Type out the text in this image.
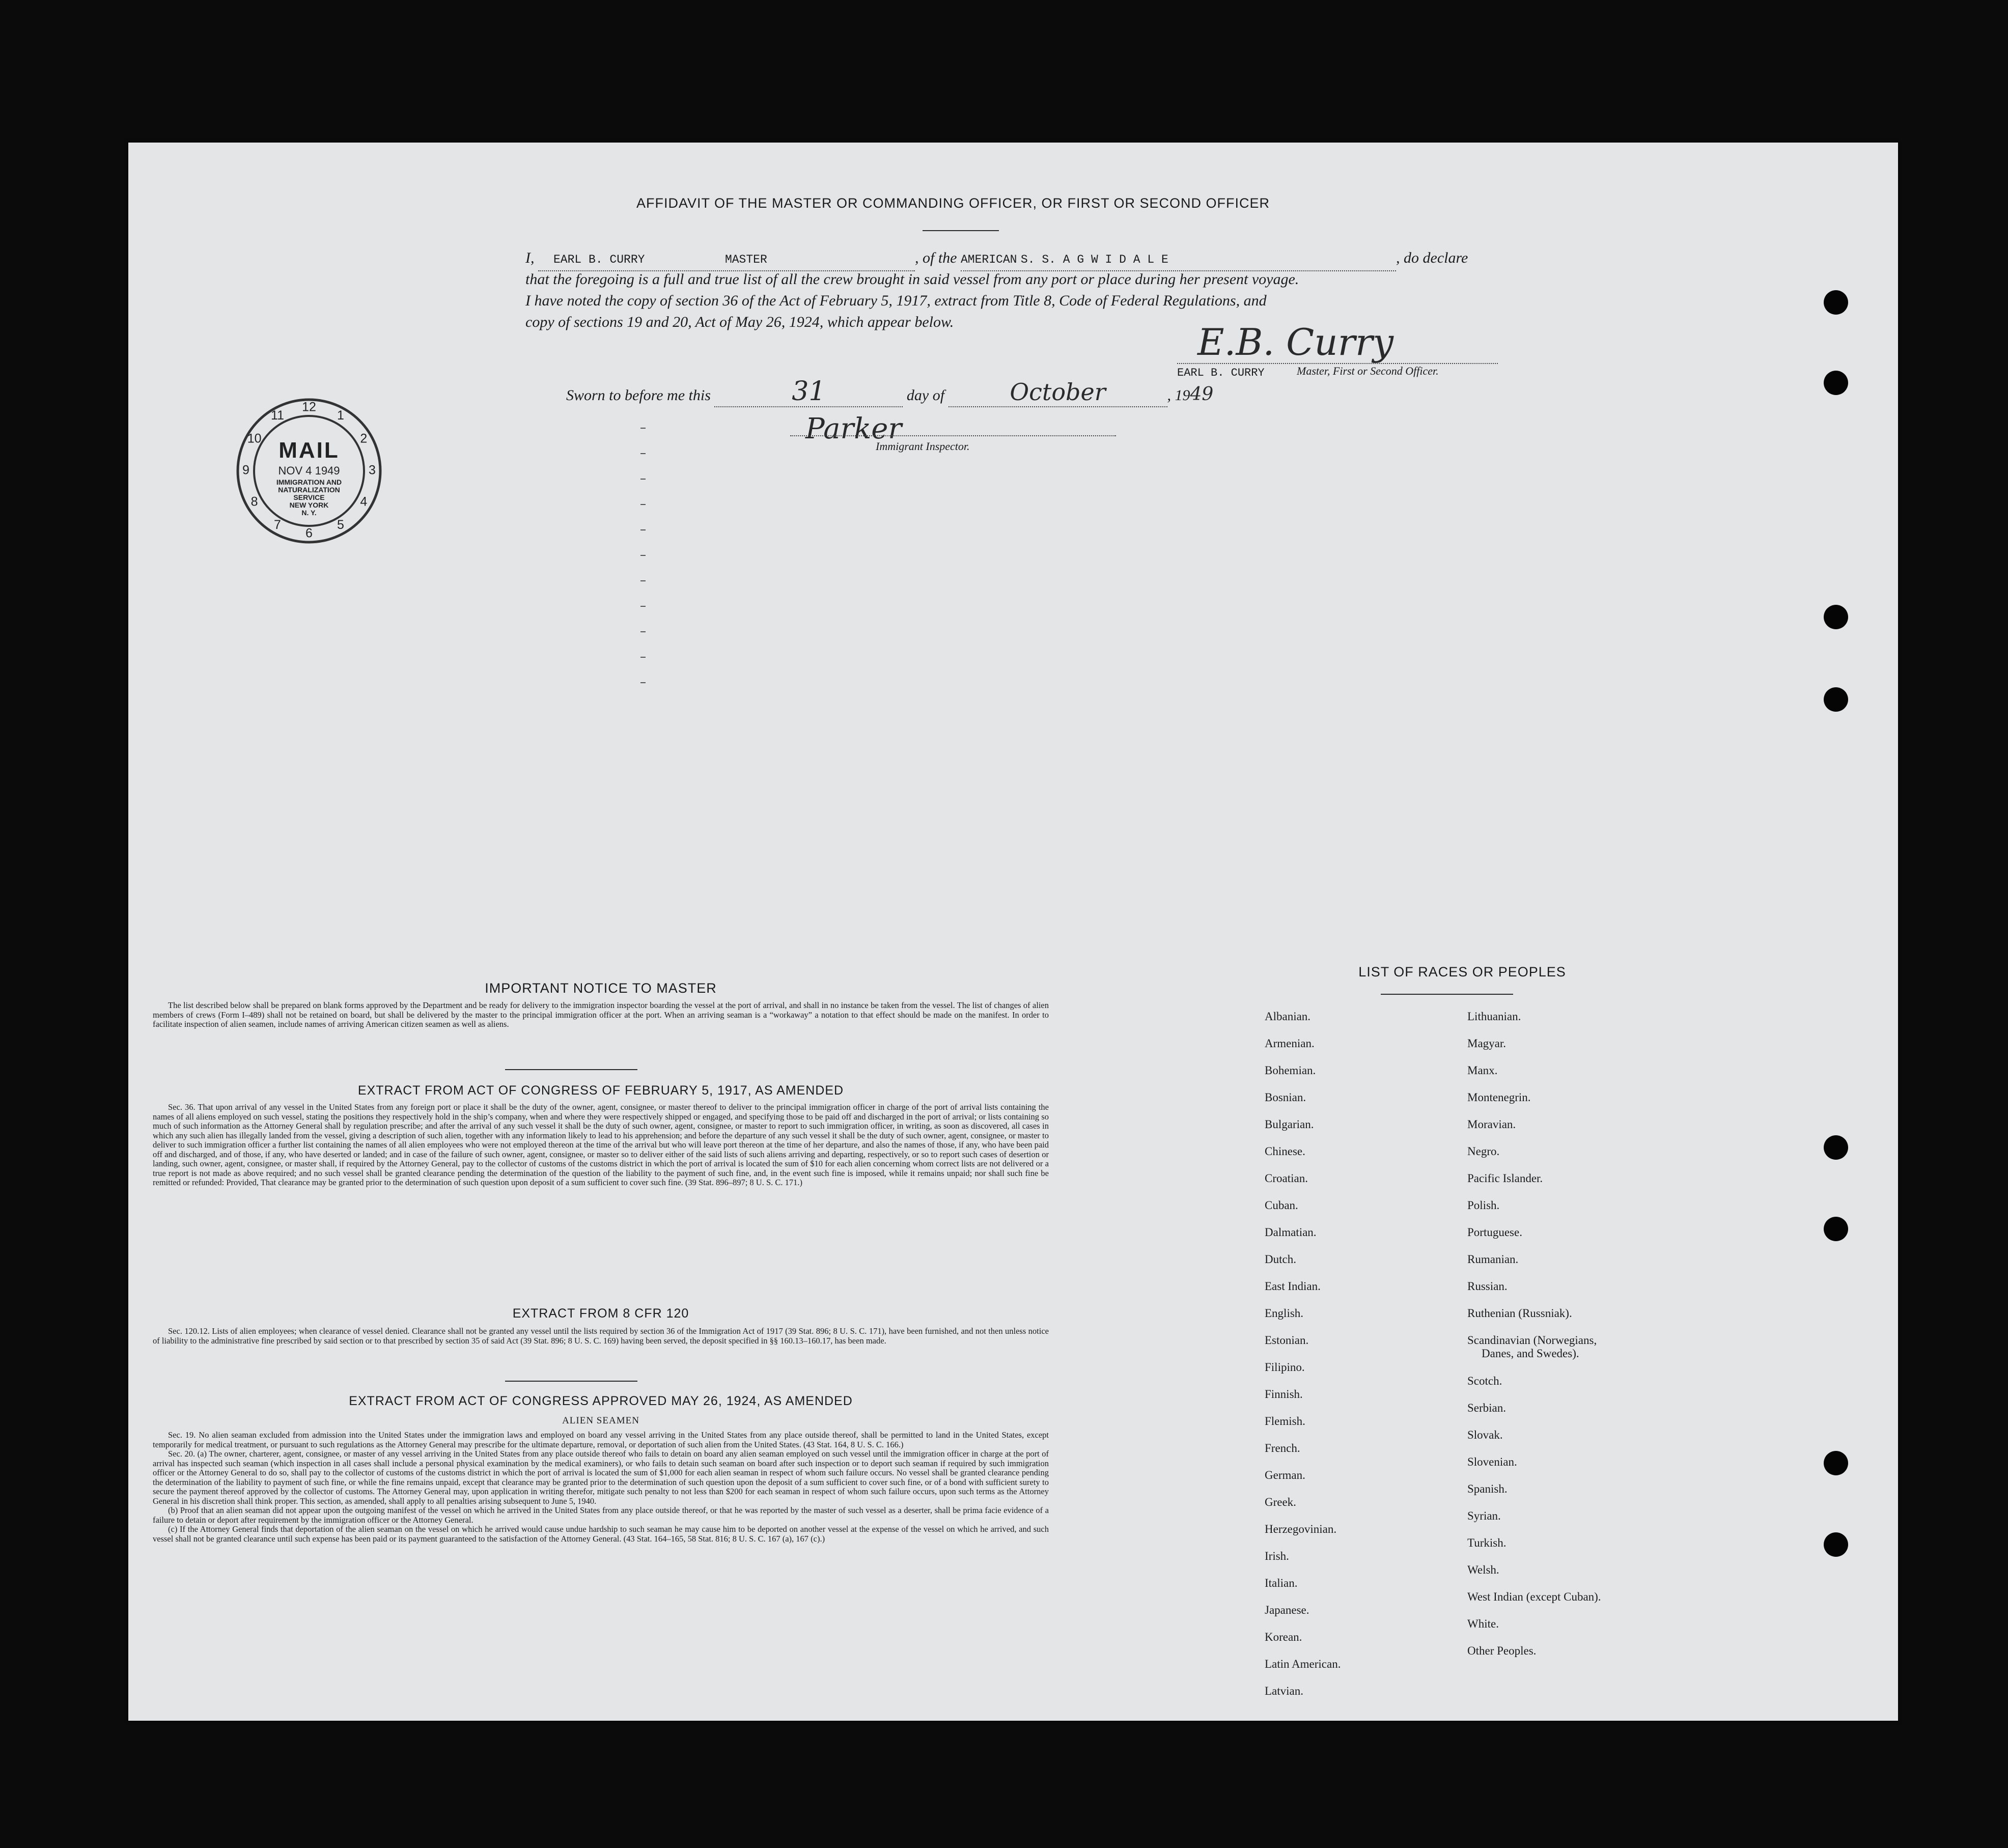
AFFIDAVIT OF THE MASTER OR COMMANDING OFFICER, OR FIRST OR SECOND OFFICER
I, EARL B. CURRY	MASTER	, of the AMERICAN S. S. A G W I D A L E	, do declare
that the foregoing is a full and true list of all the crew brought in said vessel from any port or place during her present voyage.
I have noted the copy of section 36 of the Act of February 5, 1917, extract from Title 8, Code of Federal Regulations, and
copy of sections 19 and 20, Act of May 26, 1924, which appear below.	E.B. Curry
EARL B. CURRY	Master, First or Second Officer.
Sworn to before me this	31	day of	October	, 1949
Parker
Immigrant Inspector.
12
1
2
3
4
5
6
7
8
9
10
11
MAIL
NOV 4 1949
IMMIGRATION AND
NATURALIZATION
SERVICE
NEW YORK
N. Y.
IMPORTANT NOTICE TO MASTER

The list described below shall be prepared on blank forms approved by the Department and be ready for delivery to the immigration inspector boarding the vessel at the port of arrival, and shall in no instance be taken from the vessel. The list of changes of alien members of crews (Form I–489) shall not be retained on board, but shall be delivered by the master to the principal immigration officer at the port. When an arriving seaman is a “workaway” a notation to that effect should be made on the manifest. In order to facilitate inspection of alien seamen, include names of arriving American citizen seamen as well as aliens.

EXTRACT FROM ACT OF CONGRESS OF FEBRUARY 5, 1917, AS AMENDED

Sec. 36. That upon arrival of any vessel in the United States from any foreign port or place it shall be the duty of the owner, agent, consignee, or master thereof to deliver to the principal immigration officer in charge of the port of arrival lists containing the names of all aliens employed on such vessel, stating the positions they respectively hold in the ship’s company, when and where they were respectively shipped or engaged, and specifying those to be paid off and discharged in the port of arrival; or lists containing so much of such information as the Attorney General shall by regulation prescribe; and after the arrival of any such vessel it shall be the duty of such owner, agent, consignee, or master to report to such immigration officer, in writing, as soon as discovered, all cases in which any such alien has illegally landed from the vessel, giving a description of such alien, together with any information likely to lead to his apprehension; and before the departure of any such vessel it shall be the duty of such owner, agent, consignee, or master to deliver to such immigration officer a further list containing the names of all alien employees who were not employed thereon at the time of the arrival but who will leave port thereon at the time of her departure, and also the names of those, if any, who have been paid off and discharged, and of those, if any, who have deserted or landed; and in case of the failure of such owner, agent, consignee, or master so to deliver either of the said lists of such aliens arriving and departing, respectively, or so to report such cases of desertion or landing, such owner, agent, consignee, or master shall, if required by the Attorney General, pay to the collector of customs of the customs district in which the port of arrival is located the sum of $10 for each alien concerning whom correct lists are not delivered or a true report is not made as above required; and no such vessel shall be granted clearance pending the determination of the question of the liability to the payment of such fine, and, in the event such fine is imposed, while it remains unpaid; nor shall such fine be remitted or refunded: Provided, That clearance may be granted prior to the determination of such question upon deposit of a sum sufficient to cover such fine. (39 Stat. 896–897; 8 U. S. C. 171.)

EXTRACT FROM 8 CFR 120

Sec. 120.12. Lists of alien employees; when clearance of vessel denied. Clearance shall not be granted any vessel until the lists required by section 36 of the Immigration Act of 1917 (39 Stat. 896; 8 U. S. C. 171), have been furnished, and not then unless notice of liability to the administrative fine prescribed by said section or to that prescribed by section 35 of said Act (39 Stat. 896; 8 U. S. C. 169) having been served, the deposit specified in §§ 160.13–160.17, has been made.

EXTRACT FROM ACT OF CONGRESS APPROVED MAY 26, 1924, AS AMENDED
ALIEN SEAMEN

Sec. 19. No alien seaman excluded from admission into the United States under the immigration laws and employed on board any vessel arriving in the United States from any place outside thereof, shall be permitted to land in the United States, except temporarily for medical treatment, or pursuant to such regulations as the Attorney General may prescribe for the ultimate departure, removal, or deportation of such alien from the United States. (43 Stat. 164, 8 U. S. C. 166.)

Sec. 20. (a) The owner, charterer, agent, consignee, or master of any vessel arriving in the United States from any place outside thereof who fails to detain on board any alien seaman employed on such vessel until the immigration officer in charge at the port of arrival has inspected such seaman (which inspection in all cases shall include a personal physical examination by the medical examiners), or who fails to detain such seaman on board after such inspection or to deport such seaman if required by such immigration officer or the Attorney General to do so, shall pay to the collector of customs of the customs district in which the port of arrival is located the sum of $1,000 for each alien seaman in respect of whom such failure occurs. No vessel shall be granted clearance pending the determination of the liability to payment of such fine, or while the fine remains unpaid, except that clearance may be granted prior to the determination of such question upon the deposit of a sum sufficient to cover such fine, or of a bond with sufficient surety to secure the payment thereof approved by the collector of customs. The Attorney General may, upon application in writing therefor, mitigate such penalty to not less than $200 for each seaman in respect of whom such failure occurs, upon such terms as the Attorney General in his discretion shall think proper. This section, as amended, shall apply to all penalties arising subsequent to June 5, 1940.

(b) Proof that an alien seaman did not appear upon the outgoing manifest of the vessel on which he arrived in the United States from any place outside thereof, or that he was reported by the master of such vessel as a deserter, shall be prima facie evidence of a failure to detain or deport after requirement by the immigration officer or the Attorney General.

(c) If the Attorney General finds that deportation of the alien seaman on the vessel on which he arrived would cause undue hardship to such seaman he may cause him to be deported on another vessel at the expense of the vessel on which he arrived, and such vessel shall not be granted clearance until such expense has been paid or its payment guaranteed to the satisfaction of the Attorney General. (43 Stat. 164–165, 58 Stat. 816; 8 U. S. C. 167 (a), 167 (c).)

LIST OF RACES OR PEOPLES
Albanian.
Armenian.
Bohemian.
Bosnian.
Bulgarian.
Chinese.
Croatian.
Cuban.
Dalmatian.
Dutch.
East Indian.
English.
Estonian.
Filipino.
Finnish.
Flemish.
French.
German.
Greek.
Herzegovinian.
Irish.
Italian.
Japanese.
Korean.
Latin American.
Latvian.
Lithuanian.
Magyar.
Manx.
Montenegrin.
Moravian.
Negro.
Pacific Islander.
Polish.
Portuguese.
Rumanian.
Russian.
Ruthenian (Russniak).
Scandinavian (Norwegians,
Danes, and Swedes).
Scotch.
Serbian.
Slovak.
Slovenian.
Spanish.
Syrian.
Turkish.
Welsh.
West Indian (except Cuban).
White.
Other Peoples.
